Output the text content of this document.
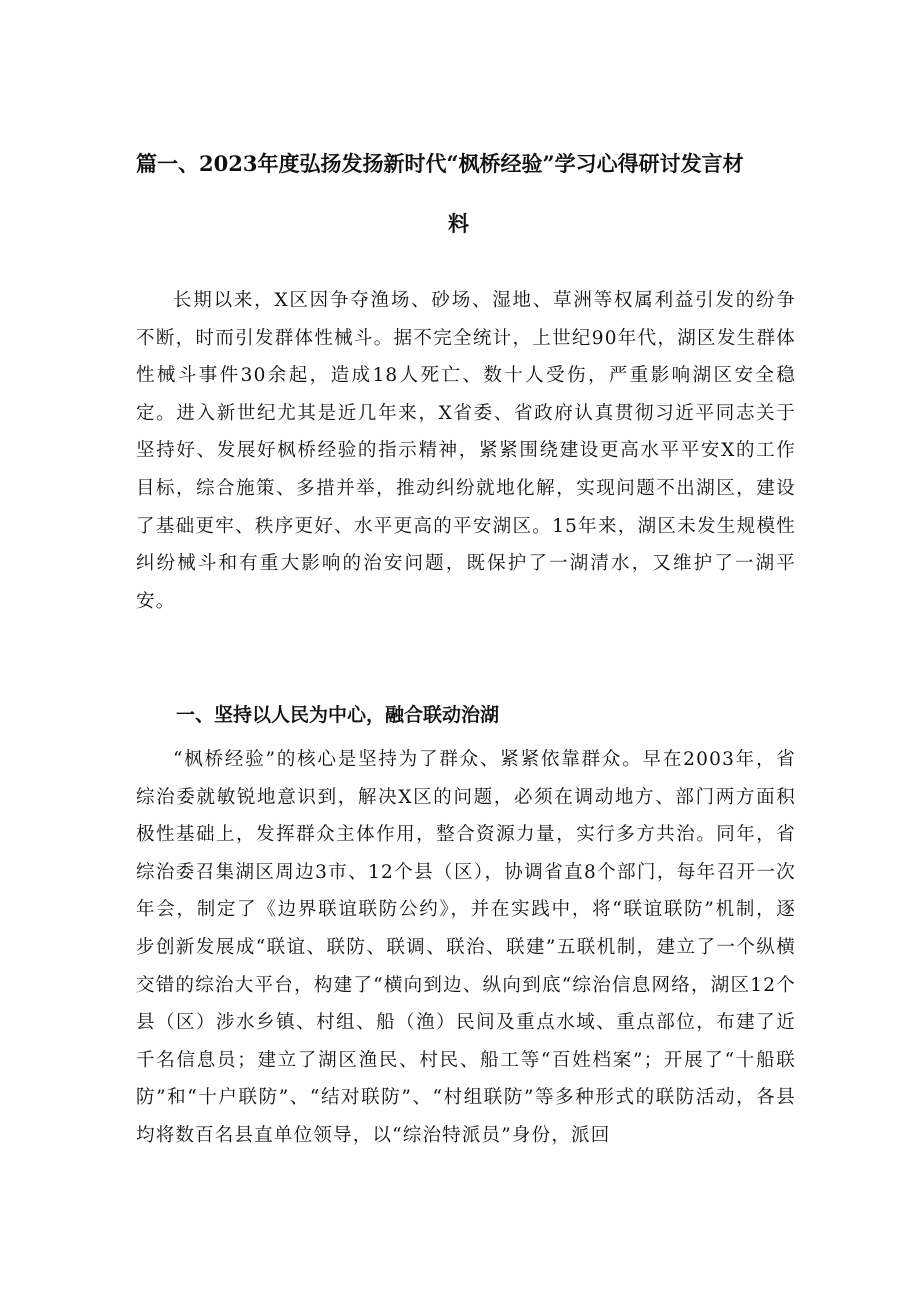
篇一、2023年度弘扬发扬新时代“枫桥经验”学习心得研讨发言材
料

长期以来，X区因争夺渔场、砂场、湿地、草洲等权属利益引发的纷争不断，时而引发群体性械斗。据不完全统计，上世纪90年代，湖区发生群体性械斗事件30余起，造成18人死亡、数十人受伤，严重影响湖区安全稳定。进入新世纪尤其是近几年来，X省委、省政府认真贯彻习近平同志关于坚持好、发展好枫桥经验的指示精神，紧紧围绕建设更高水平平安X的工作目标，综合施策、多措并举，推动纠纷就地化解，实现问题不出湖区，建设了基础更牢、秩序更好、水平更高的平安湖区。15年来，湖区未发生规模性纠纷械斗和有重大影响的治安问题，既保护了一湖清水，又维护了一湖平安。

一、坚持以人民为中心，融合联动治湖

“枫桥经验”的核心是坚持为了群众、紧紧依靠群众。早在2003年，省综治委就敏锐地意识到，解决X区的问题，必须在调动地方、部门两方面积极性基础上，发挥群众主体作用，整合资源力量，实行多方共治。同年，省综治委召集湖区周边3市、12个县（区），协调省直8个部门，每年召开一次年会，制定了《边界联谊联防公约》，并在实践中，将“联谊联防”机制，逐步创新发展成“联谊、联防、联调、联治、联建”五联机制，建立了一个纵横交错的综治大平台，构建了“横向到边、纵向到底“综治信息网络，湖区12个县（区）涉水乡镇、村组、船（渔）民间及重点水域、重点部位，布建了近千名信息员；建立了湖区渔民、村民、船工等“百姓档案”；开展了“十船联防”和“十户联防”、“结对联防”、“村组联防”等多种形式的联防活动，各县均将数百名县直单位领导，以“综治特派员”身份，派回
